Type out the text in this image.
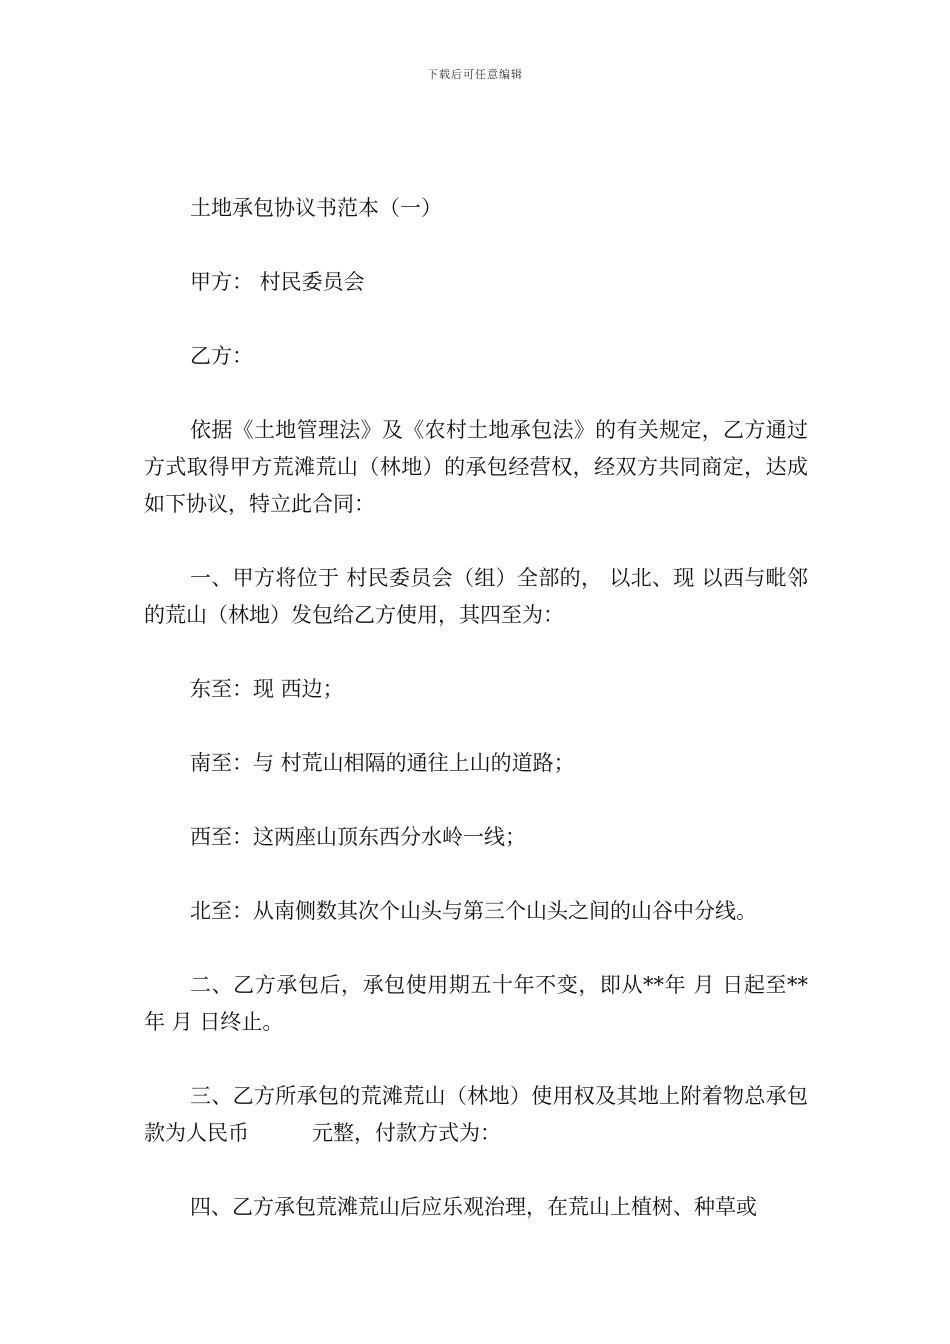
下载后可任意编辑

土地承包协议书范本（一）

甲方： 村民委员会

乙方：

依据《土地管理法》及《农村土地承包法》的有关规定，乙方通过 方式取得甲方荒滩荒山（林地）的承包经营权，经双方共同商定，达成如下协议，特立此合同：

一、甲方将位于 村民委员会（组）全部的， 以北、现 以西与毗邻的荒山（林地）发包给乙方使用，其四至为：

东至：现 西边；

南至：与 村荒山相隔的通往上山的道路；

西至：这两座山顶东西分水岭一线；

北至：从南侧数其次个山头与第三个山头之间的山谷中分线。

二、乙方承包后，承包使用期五十年不变，即从**年 月 日起至**年 月 日终止。

三、乙方所承包的荒滩荒山（林地）使用权及其地上附着物总承包款为人民币　　　元整，付款方式为：

四、乙方承包荒滩荒山后应乐观治理，在荒山上植树、种草或
